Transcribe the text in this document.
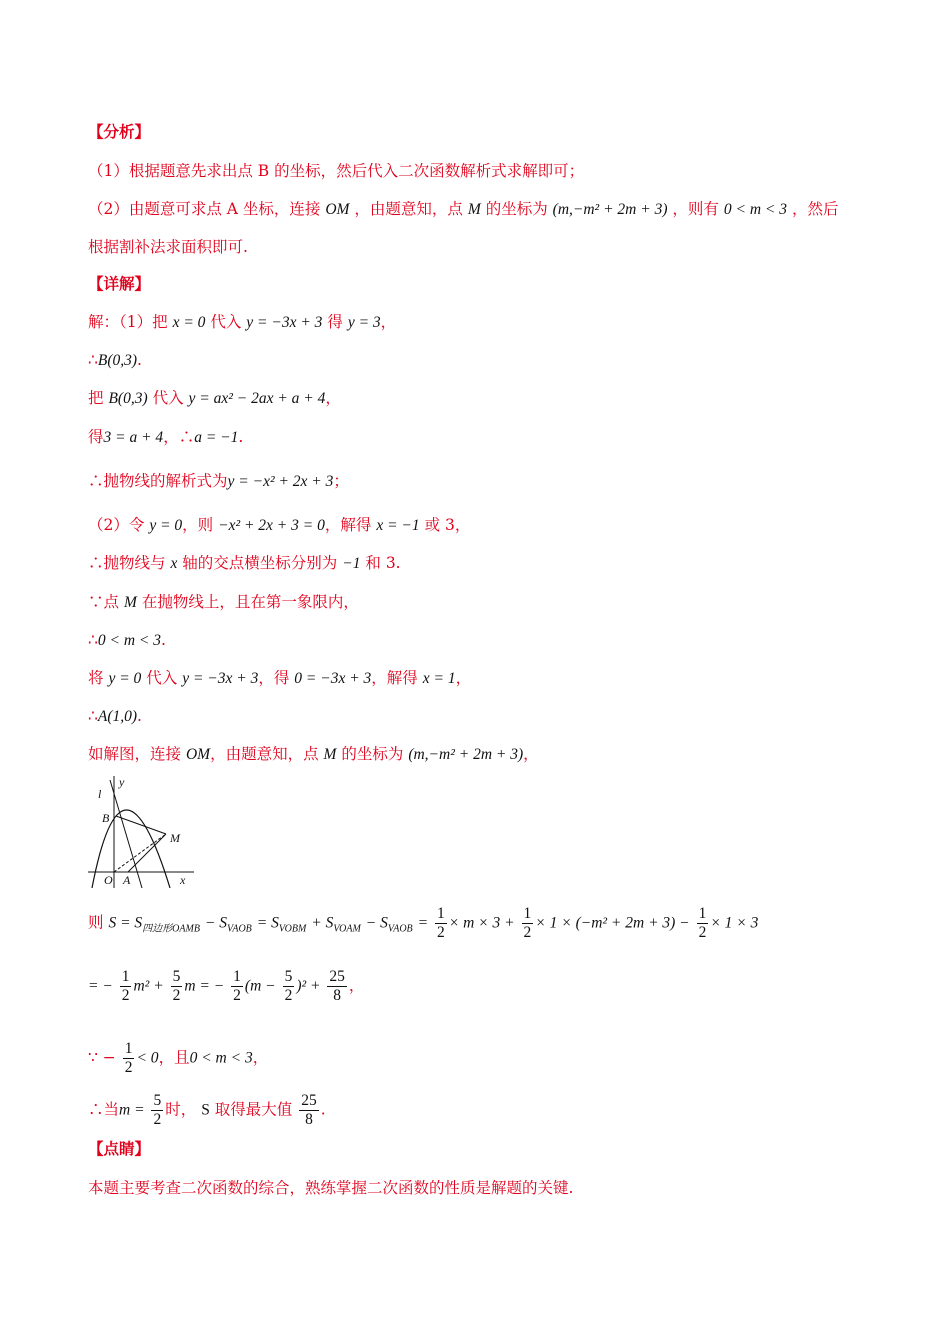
【分析】
（1）根据题意先求出点 B 的坐标，然后代入二次函数解析式求解即可；
（2）由题意可求点 A 坐标，连接 OM ，由题意知，点 M 的坐标为 (m,−m² + 2m + 3) ，则有 0 < m < 3 ，然后
根据割补法求面积即可.
【详解】
解：（1）把 x = 0 代入 y = −3x + 3 得 y = 3，
∴B(0,3).
把 B(0,3) 代入 y = ax² − 2ax + a + 4，
得3 = a + 4，∴a = −1.
∴抛物线的解析式为y = −x² + 2x + 3；
（2）令 y = 0，则 −x² + 2x + 3 = 0，解得 x = −1 或 3，
∴抛物线与 x 轴的交点横坐标分别为 −1 和 3.
∵点 M 在抛物线上，且在第一象限内，
∴0 < m < 3.
将 y = 0 代入 y = −3x + 3，得 0 = −3x + 3，解得 x = 1，
∴A(1,0).
如解图，连接 OM，由题意知，点 M 的坐标为 (m,−m² + 2m + 3)，
l
y
B
M
O A	x
则 $S = S_{四边形OAMB} - S_{VAOB} = S_{VOBM} + S_{VOAM} - S_{VAOB} = \frac{1}{2} \times m \times 3 + \frac{1}{2} \times 1 \times (-m^2 + 2m + 3) - \frac{1}{2} \times 1 \times 3$
= − $\frac{1}{2} m^2 + \frac{5}{2}$ m = − $\frac{1}{2} (m - \frac{5}{2} )^2 + \frac{25}{8}$ ，
∵ − $\frac{1}{2} < 0$，且0 < m < 3，
∴当$m = \frac{5}{2}$ 时， S 取得最大值 $\frac{25}{8}$ .
【点睛】
本题主要考查二次函数的综合，熟练掌握二次函数的性质是解题的关键.
